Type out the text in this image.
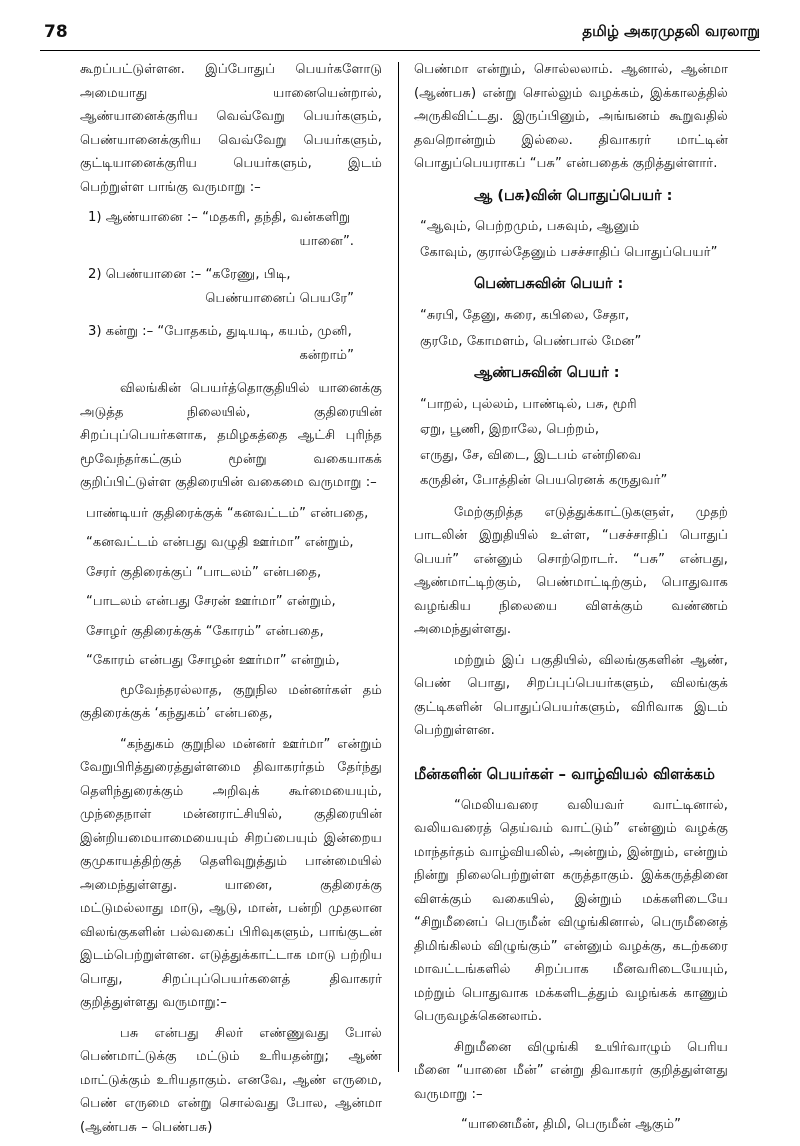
78	தமிழ் அகரமுதலி வரலாறு

கூறப்பட்டுள்ளன. இப்போதுப் பெயர்களோடு அமையாது யானையென்றால், ஆண்யானைக்குரிய வெவ்வேறு பெயர்களும், பெண்யானைக்குரிய வெவ்வேறு பெயர்களும், குட்டியானைக்குரிய பெயர்களும், இடம் பெற்றுள்ள பாங்கு வருமாறு :–

1) ஆண்யானை :– “மதகரி, தந்தி, வன்களிறு
யானை”.
2) பெண்யானை :– “கரேணு, பிடி,
பெண்யானைப் பெயரே”
3) கன்று :– “போதகம், துடியடி, கயம், முனி,
கன்றாம்”

விலங்கின் பெயர்த்தொகுதியில் யானைக்கு அடுத்த நிலையில், குதிரையின் சிறப்புப்பெயர்களாக, தமிழகத்தை ஆட்சி புரிந்த மூவேந்தர்கட்கும் மூன்று வகையாகக் குறிப்பிட்டுள்ள குதிரையின் வகைமை வருமாறு :–

பாண்டியர் குதிரைக்குக் “கனவட்டம்” என்பதை,
“கனவட்டம் என்பது வழுதி ஊர்மா” என்றும்,
சேரர் குதிரைக்குப் “பாடலம்” என்பதை,
“பாடலம் என்பது சேரன் ஊர்மா” என்றும்,
சோழர் குதிரைக்குக் “கோரம்” என்பதை,
“கோரம் என்பது சோழன் ஊர்மா” என்றும்,

மூவேந்தரல்லாத, குறுநில மன்னர்கள் தம் குதிரைக்குக் ‘கந்துகம்’ என்பதை,

“கந்துகம் குறுநில மன்னர் ஊர்மா” என்றும் வேறுபிரித்துரைத்துள்ளமை திவாகரர்தம் தேர்ந்து தெளிந்துரைக்கும் அறிவுக் கூர்மையையும், முந்தைநாள் மன்னராட்சியில், குதிரையின் இன்றியமையாமையையும் சிறப்பையும் இன்றைய குமுகாயத்திற்குத் தெளிவுறுத்தும் பான்மையில் அமைந்துள்ளது. யானை, குதிரைக்கு மட்டுமல்லாது மாடு, ஆடு, மான், பன்றி முதலான விலங்குகளின் பல்வகைப் பிரிவுகளும், பாங்குடன் இடம்பெற்றுள்ளன. எடுத்துக்காட்டாக மாடு பற்றிய பொது, சிறப்புப்பெயர்களைத் திவாகரர் குறித்துள்ளது வருமாறு:–

பசு என்பது சிலர் எண்ணுவது போல் பெண்மாட்டுக்கு மட்டும் உரியதன்று; ஆண் மாட்டுக்கும் உரியதாகும். எனவே, ஆண் எருமை, பெண் எருமை என்று சொல்வது போல, ஆன்மா (ஆண்பசு – பெண்பசு)

பெண்மா என்றும், சொல்லலாம். ஆனால், ஆன்மா (ஆண்பசு) என்று சொல்லும் வழக்கம், இக்காலத்தில் அருகிவிட்டது. இருப்பினும், அங்ஙனம் கூறுவதில் தவறொன்றும் இல்லை. திவாகரர் மாட்டின் பொதுப்பெயராகப் “பசு” என்பதைக் குறித்துள்ளார்.

ஆ (பசு)வின் பொதுப்பெயர் :
“ஆவும், பெற்றமும், பசுவும், ஆனும்
கோவும், குரால்தேனும் பசச்சாதிப் பொதுப்பெயர்”
பெண்பசுவின் பெயர் :
“சுரபி, தேனு, சுரை, கபிலை, சேதா,
குரமே, கோமளம், பெண்பால் மேன”
ஆண்பசுவின் பெயர் :
“பாறல், புல்லம், பாண்டில், பசு, மூரி
ஏறு, பூணி, இறாலே, பெற்றம்,
எருது, சே, விடை, இடபம் என்றிவை
கருதின், போத்தின் பெயரெனக் கருதுவர்”

மேற்குறித்த எடுத்துக்காட்டுகளுள், முதற் பாடலின் இறுதியில் உள்ள, “பசச்சாதிப் பொதுப் பெயர்” என்னும் சொற்றொடர். “பசு” என்பது, ஆண்மாட்டிற்கும், பெண்மாட்டிற்கும், பொதுவாக வழங்கிய நிலையை விளக்கும் வண்ணம் அமைந்துள்ளது.

மற்றும் இப் பகுதியில், விலங்குகளின் ஆண், பெண் பொது, சிறப்புப்பெயர்களும், விலங்குக் குட்டிகளின் பொதுப்பெயர்களும், விரிவாக இடம் பெற்றுள்ளன.

மீன்களின் பெயர்கள் – வாழ்வியல் விளக்கம்

“மெலியவரை வலியவர் வாட்டினால், வலியவரைத் தெய்வம் வாட்டும்” என்னும் வழக்கு மாந்தர்தம் வாழ்வியலில், அன்றும், இன்றும், என்றும் நின்று நிலைபெற்றுள்ள கருத்தாகும். இக்கருத்தினை விளக்கும் வகையில், இன்றும் மக்களிடையே “சிறுமீனைப் பெருமீன் விழுங்கினால், பெருமீனைத் திமிங்கிலம் விழுங்கும்” என்னும் வழக்கு, கடற்கரை மாவட்டங்களில் சிறப்பாக மீனவரிடையேயும், மற்றும் பொதுவாக மக்களிடத்தும் வழங்கக் காணும் பெருவழக்கெனலாம்.

சிறுமீனை விழுங்கி உயிர்வாழும் பெரிய மீனை “யானை மீன்” என்று திவாகரர் குறித்துள்ளது வருமாறு :–

“யானைமீன், திமி, பெருமீன் ஆகும்”
